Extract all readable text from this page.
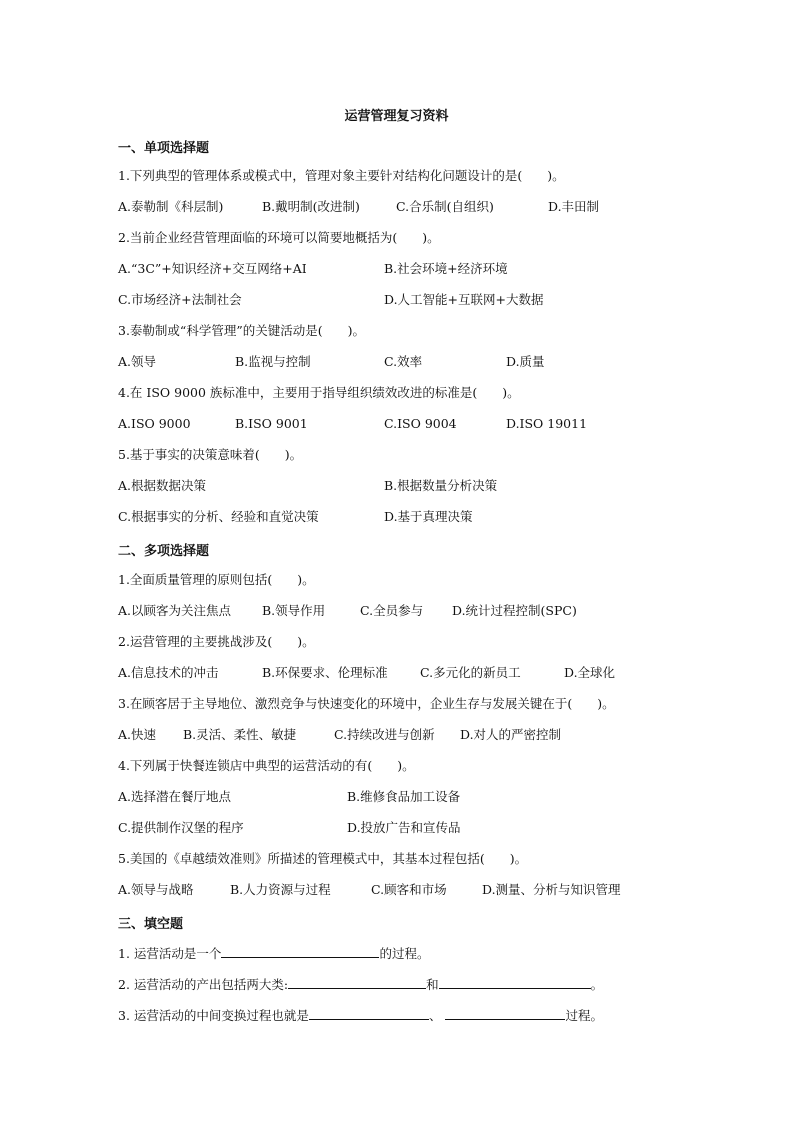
运营管理复习资料
一、单项选择题
1.下列典型的管理体系或模式中，管理对象主要针对结构化问题设计的是(　　)。
A.泰勒制《科层制)	B.戴明制(改进制)	C.合乐制(自组织)	D.丰田制
2.当前企业经营管理面临的环境可以简要地概括为(　　)。
A.“3C”+知识经济+交互网络+AI	B.社会环境+经济环境
C.市场经济+法制社会	D.人工智能+互联网+大数据
3.泰勒制或“科学管理”的关键活动是(　　)。
A.领导	B.监视与控制	C.效率	D.质量
4.在 ISO 9000 族标准中，主要用于指导组织绩效改进的标准是(　　)。
A.ISO 9000	B.ISO 9001	C.ISO 9004	D.ISO 19011
5.基于事实的决策意味着(　　)。
A.根据数据决策	B.根据数量分析决策
C.根据事实的分析、经验和直觉决策	D.基于真理决策
二、多项选择题
1.全面质量管理的原则包括(　　)。
A.以顾客为关注焦点 B.领导作用	C.全员参与 D.统计过程控制(SPC)
2.运营管理的主要挑战涉及(　　)。
A.信息技术的冲击	B.环保要求、伦理标准	C.多元化的新员工	D.全球化
3.在顾客居于主导地位、激烈竞争与快速变化的环境中，企业生存与发展关键在于(　　)。
A.快速 B.灵活、柔性、敏捷	C.持续改进与创新 D.对人的严密控制
4.下列属于快餐连锁店中典型的运营活动的有(　　)。
A.选择潜在餐厅地点	B.维修食品加工设备
C.提供制作汉堡的程序	D.投放广告和宣传品
5.美国的《卓越绩效准则》所描述的管理模式中，其基本过程包括(　　)。
A.领导与战略	B.人力资源与过程	C.顾客和市场	D.测量、分析与知识管理
三、填空题
1. 运营活动是一个	的过程。
2. 运营活动的产出包括两大类:	和	。
3. 运营活动的中间变换过程也就是	、	过程。
